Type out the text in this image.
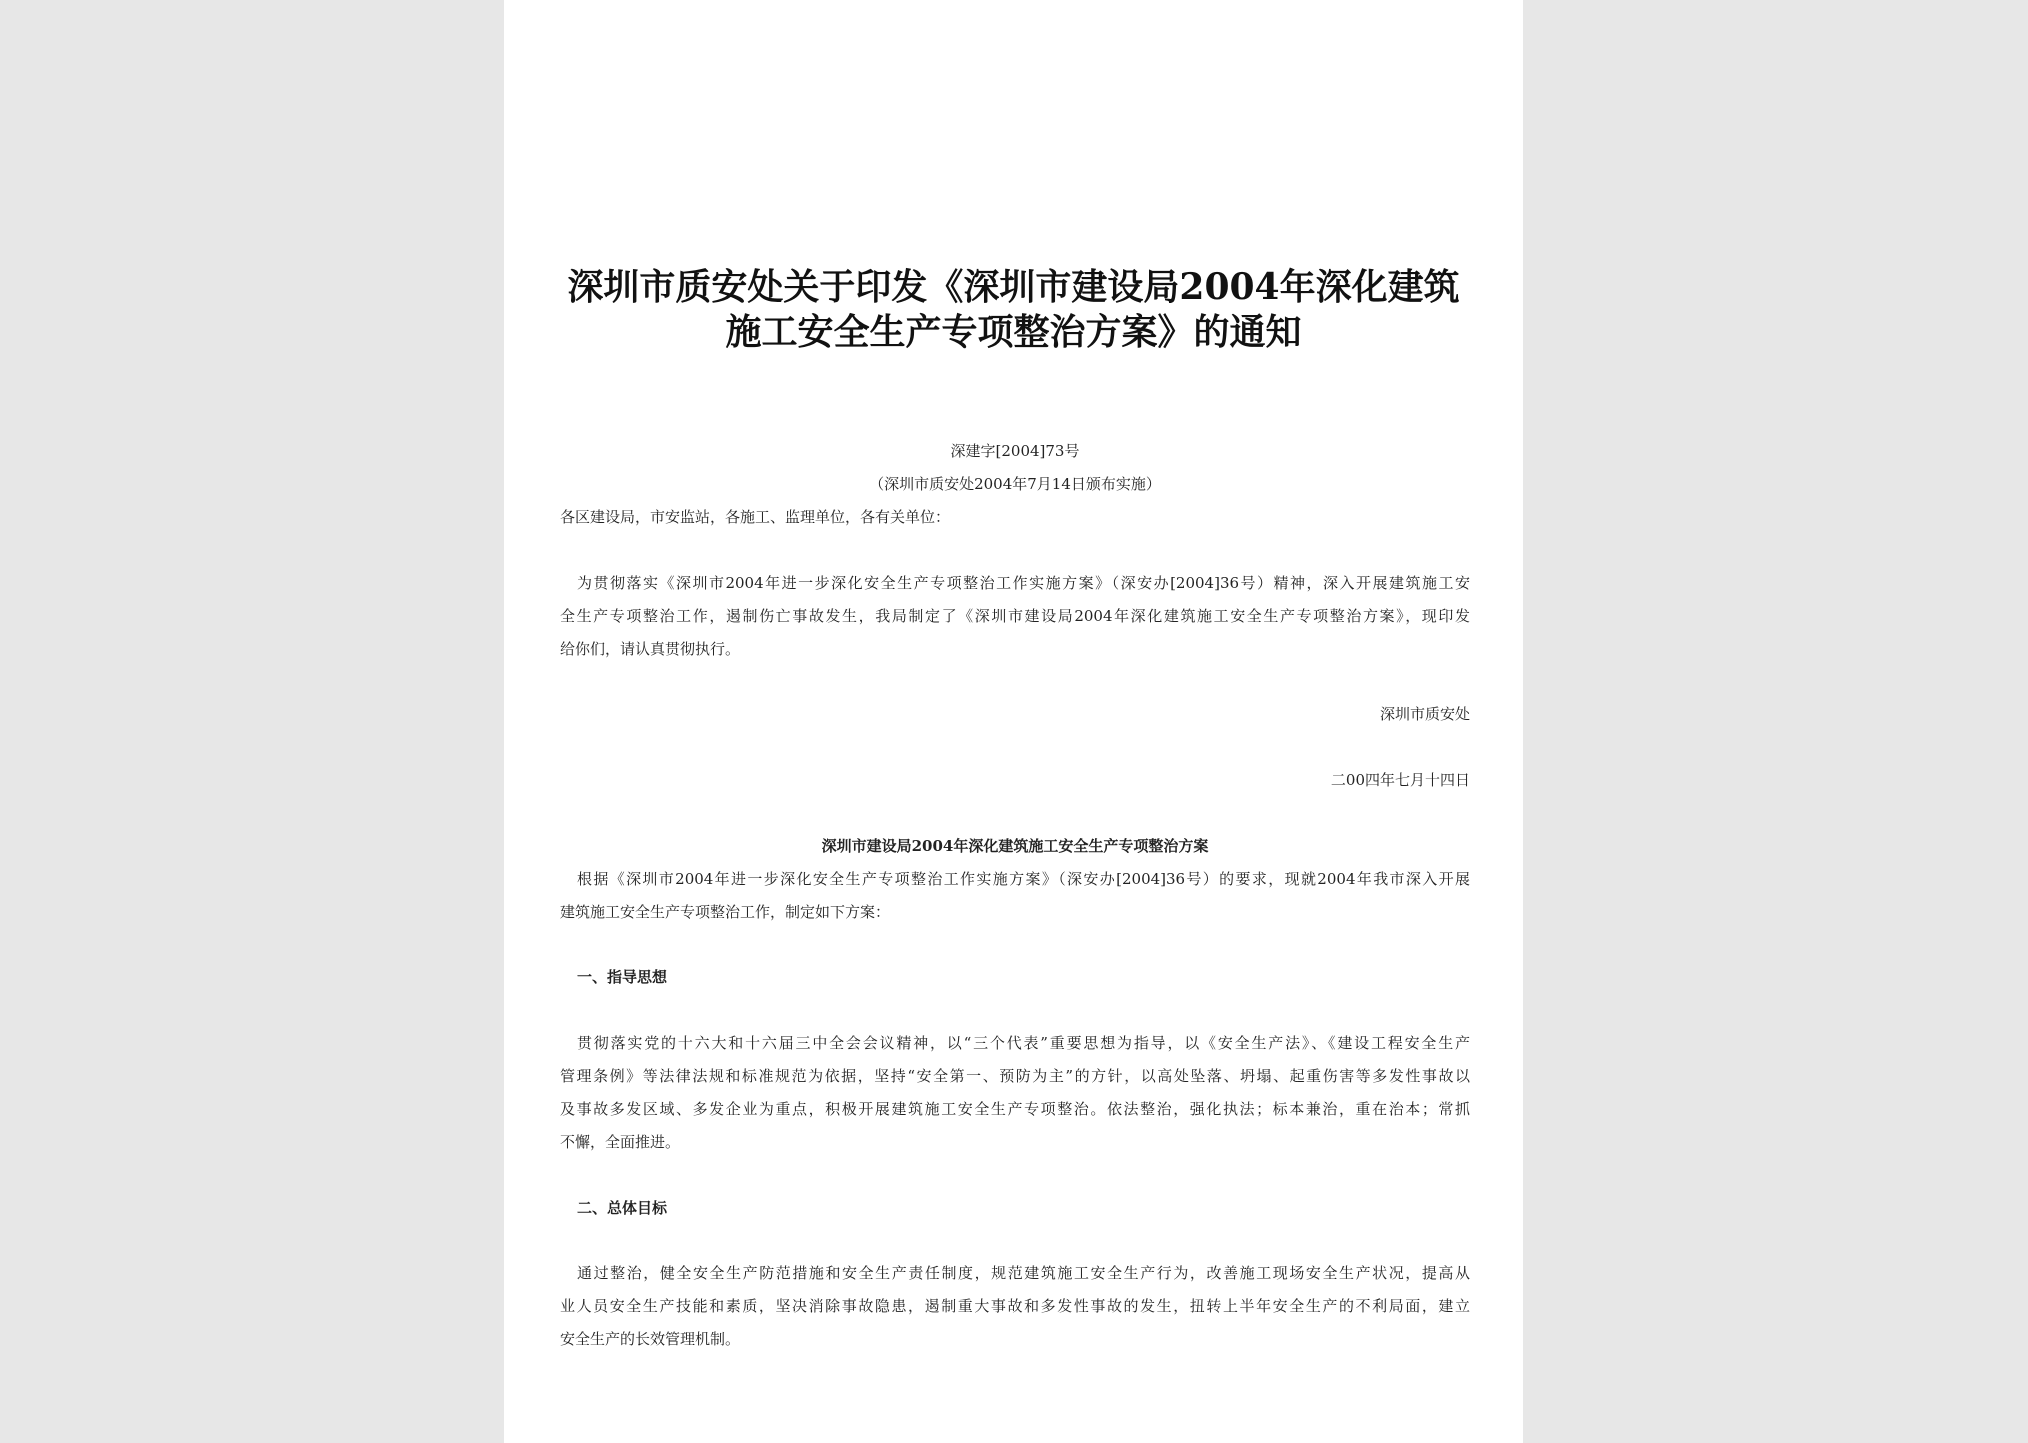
深圳市质安处关于印发《深圳市建设局2004年深化建筑
施工安全生产专项整治方案》的通知
深建字[2004]73号
（深圳市质安处2004年7月14日颁布实施）
各区建设局，市安监站，各施工、监理单位，各有关单位：
为贯彻落实《深圳市2004年进一步深化安全生产专项整治工作实施方案》（深安办[2004]36号）精神，深入开展建筑施工安
全生产专项整治工作，遏制伤亡事故发生，我局制定了《深圳市建设局2004年深化建筑施工安全生产专项整治方案》，现印发
给你们，请认真贯彻执行。
深圳市质安处
二00四年七月十四日
深圳市建设局2004年深化建筑施工安全生产专项整治方案
根据《深圳市2004年进一步深化安全生产专项整治工作实施方案》（深安办[2004]36号）的要求，现就2004年我市深入开展
建筑施工安全生产专项整治工作，制定如下方案：
一、指导思想
贯彻落实党的十六大和十六届三中全会会议精神，以“三个代表”重要思想为指导，以《安全生产法》、《建设工程安全生产
管理条例》等法律法规和标准规范为依据，坚持“安全第一、预防为主”的方针，以高处坠落、坍塌、起重伤害等多发性事故以
及事故多发区域、多发企业为重点，积极开展建筑施工安全生产专项整治。依法整治，强化执法；标本兼治，重在治本；常抓
不懈，全面推进。
二、总体目标
通过整治，健全安全生产防范措施和安全生产责任制度，规范建筑施工安全生产行为，改善施工现场安全生产状况，提高从
业人员安全生产技能和素质，坚决消除事故隐患，遏制重大事故和多发性事故的发生，扭转上半年安全生产的不利局面，建立
安全生产的长效管理机制。
